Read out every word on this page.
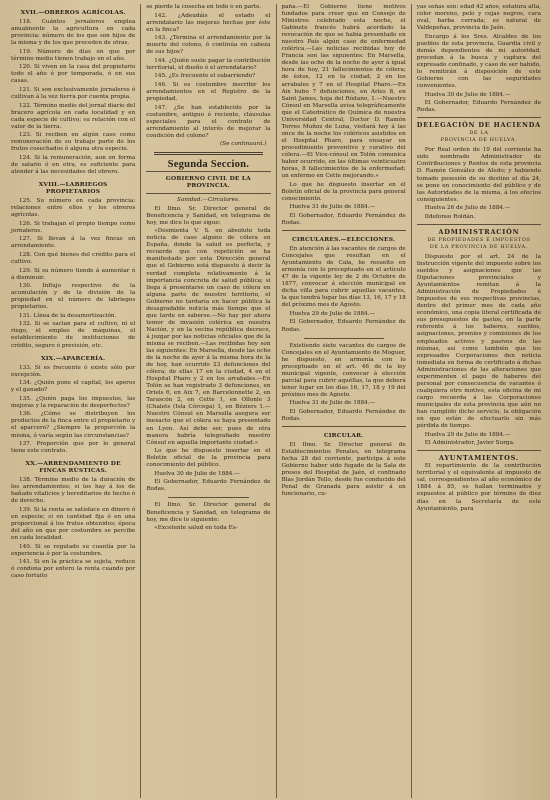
XVII.—OBREROS AGRÍCOLAS.

118. Cuántos jornaleros emplea anualmente la agricultura en cada provincia: número de los que son hijos de la misma y de los que proceden de otras.

119. Número de días en que por término medio tienen trabajo en el año.

120. Si viven en la casa del propietario todo el año ó por temporada, ó en sus casas.

121. Si son exclusivamente jornaleros ó cultivan á la vez tierra por cuenta propia.

122. Término medio del jornal diario del bracero agrícola en cada localidad y en cada especie de cultivo; su relación con el valor de la tierra.

123. Si reciben en algún caso como remuneración de su trabajo parte de los frutos cosechados ó alguna otra especie.

124. Si la remuneración, aun en forma de salario ó en otra, es suficiente para atender á las necesidades del obrero.

XVIII.—LABRIEGOS PROPIETARIOS

125. Su número en cada provincia: relaciones entre ellos y los obreros agrícolas.

126. Si trabajan el propio tiempo como jornaleros.

127. Si llevan á la vez fincas en arrendamiento.

128. Con qué bienes del crédito para el cultivo.

129. Si su número tiende á aumentar ó á disminuir.

130. Influjo respectivo de la acumulación y de la división de la propiedad en el número de labriegos propietarios.

131. Línea de la desamortización.

132. Si se sacian para el cultivo, ni el riego, el empleo de máquinas, el establecimiento de instituciones de crédito, seguro ó previsión, etc.

XIX.—APARCERÍA.

133. Si es frecuente ó existe sólo por excepción.

134. ¿Quién pone el capital, los aperos y el ganado?

135. ¿Quién paga los impuestos, las mejoras y la reparación de desperfectos?

136. ¿Cómo se distribuyen los productos de la finca entre el propietario y el aparcero? ¿Siempre la proporción la misma, ó varía según las circunstancias?

137. Proporción que por lo general tiene este contrato.

XX.—ARRENDAMIENTO DE FINCAS RÚSTICAS.

138. Término medio de la duración de los arrendamientos; si los hay á los de bañado vitalicios y hereditarios de hecho ó de derecho.

139. Si la renta se satisface en dinero ó en especie; si en cantidad fija ó en una proporcional á los frutos obtenidos; época del año en que por costumbre se percibe en cada localidad.

140. Si se regulado su cuantía por la experiencia ó por la costumbre.

141. Si en la práctica se sujeta, reduce ó condona por entero la renta cuando por caso fortuito

se pierde la cosecha en todo ó en parte.

142. ¿Adeudáis el estado el arrendatario las mejoras hechas por éste en la finca?

143. ¿Termina el arrendamiento por la muerte del colono, ó continúa en cabeza de sus hijos?

144. ¿Quién suele pagar la contribución territorial, el dueño ó el arrendatario?

145. ¿Es frecuente el subarriendo?

146. Si es costumbre inscribir los arrendamientos en el Registro de la propiedad.

147. ¿Se han establecido por la costumbre, antiguo ó reciente, cláusulas especiales para el contrato de arrendamiento al interés de mejorar la condición del colono?

(Se continuará.)
Segunda Seccion.
GOBIERNO CIVIL DE LA PROVINCIA.
Sanidad.—Circulares.

El Ilmo. Sr. Director general de Beneficencia y Sanidad, en telegrama de hoy, me dice lo que sigue:

«Dosmienta V. S. en absoluto toda noticia de caso alguno de cólera en España, donde la salud es perfecta, y recuerde que con repetición se ha manifestado por esta Dirección general que el Gobierno está dispuesto á decir la verdad completa relativamente á la importancia concreta de salud pública; si llega á presentarse un caso de cólera en alguna parte de nuestro territorio, el Gobierno no tardaría en hacer pública la desagradable noticia más tiempo que el que tarde en saberse.—No hay por ahora temor de invasión colérica en nuestra Nación, y en la vecina república decrece, á juzgar por las noticias oficiales que de la misma se reciben.—Las recibidas hoy son las siguientes: En Marsella, desde las ocho de la noche de ayer á la misma hora de la de hoy, han ocurrido 23 defunciones del cólera; de ellas 17 en la ciudad, 4 en el Hospital Pharo y 2 en los arrabales.—En Tolón se han registrado 3 defunciones, en Oriels 6, en Aix 7, en Barcelonnette 2, en Tarascón 2, en Cette 1, en Ollonle 3 (Chalets (Isla Córcega) 1, en Béziers 1.—Nuestro Cónsul en Marsella asegura ser inexacto que el cólera se haya presentado en Lyon. Así debe ser, pues de otra manera habría telegrafiado nuestro Cónsul en aquella importante ciudad.»

Lo que he dispuesto insertar en el Boletín oficial de la provincia para conocimiento del público.

Huelva 30 de Julio de 1884.—

El Gobernador, Eduardo Fernández de Rodas.

El Ilmo. Sr. Director general de Beneficencia y Sanidad, en telegrama de hoy, me dice lo siguiente:

«Excelente salud en toda Es-

paña.—El Gobierno tiene motivos fundados para creer que en Consejo de Ministros celebrado esta noche, el Gabinete francés habrá acordado la revocación de que se había presentado en nuestro País algún caso de enfermedad colérica.—Las noticias recibidas hoy de Francia son las siguientes: En Marsella, desde las ocho de la noche de ayer á igual hora de hoy, 21 fallecimientos de cólera; de éstos, 12 en la ciudad, 2 en los arrabales y 7 en el Hospital Pharo.—En Aix hubo 7 defunciones, en Arles 8, en Saint James, hoja del Ródano, 1.—Nuestro Cónsul en Marsella avisa telegráficamente que el Catedrático de Química de nuestra Universidad Central, Doctor D. Ramón Torres Muñoz de Luna, visitará hoy á las once de la noche los coléricos asistidos en el Hospital Pharo, para ensayar un procedimiento preventivo y curativo del cólera.—El Vice-cónsul en Tolón comunica haber ocurrido, en las últimas veinticuatro horas, 8 fallecimientos de la enfermedad; un enfermo en Cette mejorando.»

Lo que he dispuesto insertar en el Boletín oficial de la provincia para general conocimiento.

Huelva 31 de Julio de 1884.—

El Gobernador, Eduardo Fernández de Rodas.

CIRCULARES.—ELECCIONES.

En atención á las vacantes de cargos de Concejales que resultan en el Ayuntamiento de Cala, he resuelto en armonía con lo preceptuado en el artículo 47 de la vigente ley de 2 de Octubre de 1877, convocar á elección municipal en dicha villa para cubrir aquellas vacantes, la que tendrá lugar los días 13, 16, 17 y 18 del próximo mes de Agosto.

Huelva 29 de Julio de 1884.—

El Gobernador, Eduardo Fernández de Rodas.

Existiendo siete vacantes de cargos de Concejales en el Ayuntamiento de Moguer, he dispuesto, en armonía con lo preceptuado en el art. 46 de la ley municipal vigente, convocar á elección parcial para cubrir aquéllas, la que deberá tener lugar en los días 16, 17, 18 y 19 del próximo mes de Agosto.

Huelva 31 de Julio de 1884.—

El Gobernador, Eduardo Fernández de Rodas.

CIRCULAR.

El Ilmo. Sr. Director general de Establecimientos Penales, en telegrama fecha 28 del corriente, participa á este Gobierno haber sido fugado de la Sala de presos del Hospital de Jaén, el confinado Blas Jordán Tello, desde fue conducido del Penal de Granada para asistir á un funcionario, cu-

yas señas son: edad 42 años, estatura alta, color moreno, pelo y cejas negros, cara oval, barba cerrada; es natural de Valdepeñas, provincia de Jaén.

Encargo á los Sres. Alcaldes de los pueblos de esta provincia, Guardia civil y demás dependientes de mi autoridad, procedan á la busca y captura del expresado confinado, y caso de ser habido, lo remitirán á disposición de este Gobierno con las seguridades convenientes.

Huelva 30 de Julio de 1884.—

El Gobernador, Eduardo Fernández de Rodas.

DELEGACIÓN DE HACIENDA
DE LA
PROVINCIA DE HUELVA.

Por Real orden de 19 del corriente ha sido nombrado Administrador de Contribuciones y Rentos de esta provincia D. Ramón González de Aledo; y habiendo tomado posesión de su destino el día 24, se pone en conocimiento del público y de las Autoridades de la misma, á los efectos consiguientes.

Huelva 26 de Julio de 1884.—

Ildefonso Roldán.

ADMINISTRACIÓN
DE PROPIEDADES É IMPUESTOS
DE LA PROVINCIA DE HUELVA.

Dispuesto por el art. 24 de la Instrucción vigente del impuesto sobre los sueldos y asignaciones que las Diputaciones provinciales y Ayuntamientos remitan á la Administración de Propiedades é Impuestos de sus respectivas provincias, dentro del primer mes de cada año económico, una copia literal certificada de sus presupuestos de gastos, en la parte referente á los haberes, sueldos, asignaciones, premios y comisiones de los empleados activos y pasivos de las mismas, así como también que los expresados Corporaciones den noticia inmediata en forma de certificado á dichas Administraciones de las alteraciones que experimenten el pago de haberes del personal por consecuencia de vacantes ó cualquiera otro motivo, esta oficina de mi cargo recuerda á las Corporaciones municipales de esta provincia que aún no han cumplido dicho servicio, la obligación en que están de efectuarlo sin más pérdida de tiempo.

Huelva 29 de Julio de 1884.—

El Administrador, Javier Surga.

AYUNTAMIENTOS.

El repartimiento de la contribución territorial y el equivalente al impuesto de sal, correspondientes al año económico de 1884 á 85, se hallan terminados y expuestos al público por término de diez días en la Secretaría de este Ayuntamiento, para
